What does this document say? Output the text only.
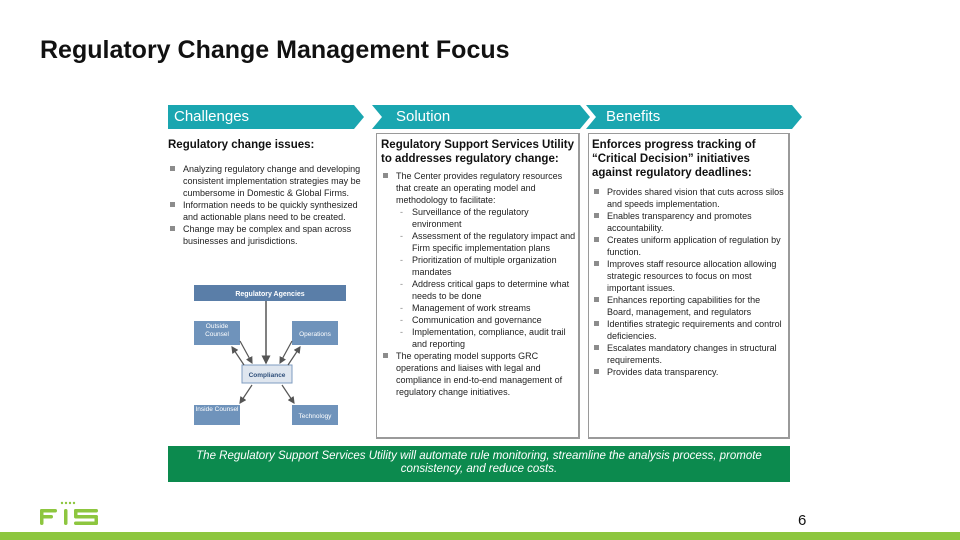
Regulatory Change Management Focus
Challenges	Solution	Benefits
Regulatory change issues:
Analyzing regulatory change and developing consistent implementation strategies may be cumbersome in Domestic & Global Firms.
Information needs to be quickly synthesized and actionable plans need to be created.
Change may be complex and span across businesses and jurisdictions.
Regulatory Agencies
Outside Counsel	Operations
Compliance
Inside Counsel
Technology
Regulatory Support Services Utility to addresses regulatory change:
The Center provides regulatory resources that create an operating model and methodology to facilitate:
- Surveillance of the regulatory environment
- Assessment of the regulatory impact and Firm specific implementation plans
- Prioritization of multiple organization mandates
- Address critical gaps to determine what needs to be done
- Management of work streams
- Communication and governance
- Implementation, compliance, audit trail and reporting
The operating model supports GRC operations and liaises with legal and compliance in end-to-end management of regulatory change initiatives.
Enforces progress tracking of “Critical Decision” initiatives against regulatory deadlines:
Provides shared vision that cuts across silos and speeds implementation.
Enables transparency and promotes accountability.
Creates uniform application of regulation by function.
Improves staff resource allocation allowing strategic resources to focus on most important issues.
Enhances reporting capabilities for the Board, management, and regulators
Identifies strategic requirements and control deficiencies.
Escalates mandatory changes in structural requirements.
Provides data transparency.
The Regulatory Support Services Utility will automate rule monitoring, streamline the analysis process, promote consistency, and reduce costs.
6
